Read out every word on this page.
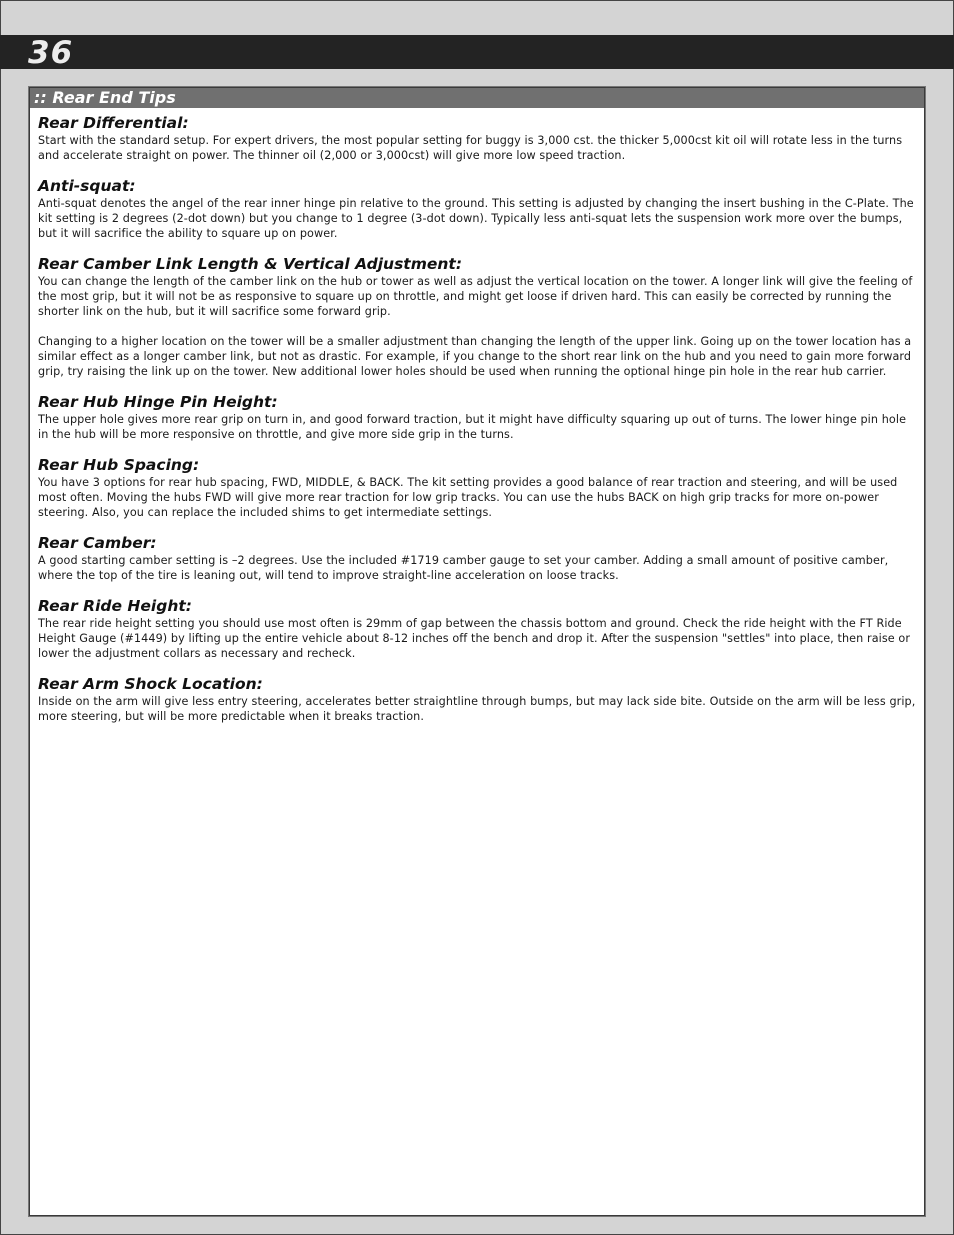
36
:: Rear End Tips
Rear Differential:

Start with the standard setup. For expert drivers, the most popular setting for buggy is 3,000 cst. the thicker 5,000cst kit oil will rotate less in the turns and accelerate straight on power. The thinner oil (2,000 or 3,000cst) will give more low speed traction.

Anti-squat:

Anti-squat denotes the angel of the rear inner hinge pin relative to the ground. This setting is adjusted by changing the insert bushing in the C-Plate. The kit setting is 2 degrees (2-dot down) but you change to 1 degree (3-dot down). Typically less anti-squat lets the suspension work more over the bumps, but it will sacrifice the ability to square up on power.

Rear Camber Link Length & Vertical Adjustment:

You can change the length of the camber link on the hub or tower as well as adjust the vertical location on the tower. A longer link will give the feeling of the most grip, but it will not be as responsive to square up on throttle, and might get loose if driven hard. This can easily be corrected by running the shorter link on the hub, but it will sacrifice some forward grip.

Changing to a higher location on the tower will be a smaller adjustment than changing the length of the upper link. Going up on the tower location has a similar effect as a longer camber link, but not as drastic. For example, if you change to the short rear link on the hub and you need to gain more forward grip, try raising the link up on the tower. New additional lower holes should be used when running the optional hinge pin hole in the rear hub carrier.

Rear Hub Hinge Pin Height:

The upper hole gives more rear grip on turn in, and good forward traction, but it might have difficulty squaring up out of turns. The lower hinge pin hole in the hub will be more responsive on throttle, and give more side grip in the turns.

Rear Hub Spacing:

You have 3 options for rear hub spacing, FWD, MIDDLE, & BACK. The kit setting provides a good balance of rear traction and steering, and will be used most often. Moving the hubs FWD will give more rear traction for low grip tracks. You can use the hubs BACK on high grip tracks for more on-power steering. Also, you can replace the included shims to get intermediate settings.

Rear Camber:

A good starting camber setting is –2 degrees. Use the included #1719 camber gauge to set your camber. Adding a small amount of positive camber, where the top of the tire is leaning out, will tend to improve straight-line acceleration on loose tracks.

Rear Ride Height:

The rear ride height setting you should use most often is 29mm of gap between the chassis bottom and ground. Check the ride height with the FT Ride Height Gauge (#1449) by lifting up the entire vehicle about 8-12 inches off the bench and drop it. After the suspension "settles" into place, then raise or lower the adjustment collars as necessary and recheck.

Rear Arm Shock Location:

Inside on the arm will give less entry steering, accelerates better straightline through bumps, but may lack side bite. Outside on the arm will be less grip, more steering, but will be more predictable when it breaks traction.
